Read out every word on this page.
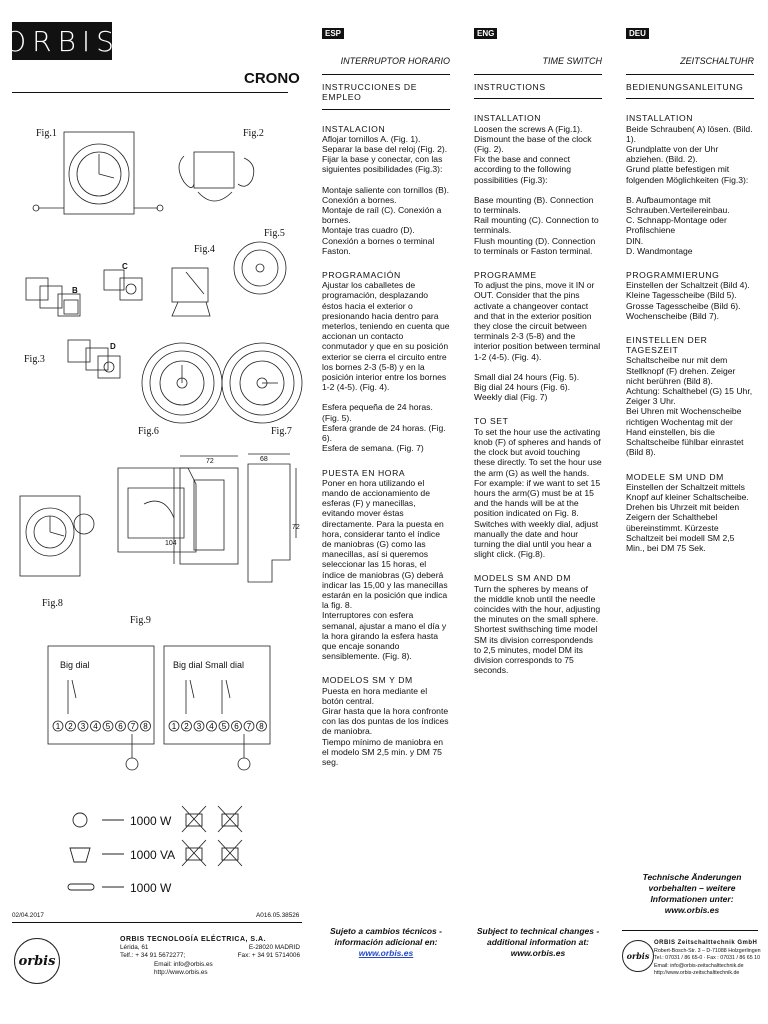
ORBIS
CRONO
ESP	ENG	DEU
INTERRUPTOR HORARIO
INSTRUCCIONES DE EMPLEO
INSTALACION

Aflojar tornillos A. (Fig. 1).
Separar la base del reloj (Fig. 2).
Fijar la base y conectar, con las siguientes posibilidades (Fig.3):

Montaje saliente con tornillos (B). Conexión a bornes.
Montaje de raíl (C). Conexión a bornes.
Montaje tras cuadro (D). Conexión a bornes o terminal Faston.

PROGRAMACIÓN

Ajustar los caballetes de programación, desplazando éstos hacia el exterior o presionando hacia dentro para meterlos, teniendo en cuenta que accionan un contacto conmutador y que en su posición exterior se cierra el circuito entre los bornes 2-3 (5-8) y en la posición interior entre los bornes 1-2 (4-5). (Fig. 4).

Esfera pequeña de 24 horas. (Fig. 5).
Esfera grande de 24 horas. (Fig. 6).
Esfera de semana. (Fig. 7)

PUESTA EN HORA

Poner en hora utilizando el mando de accionamiento de esferas (F) y manecillas, evitando mover éstas directamente. Para la puesta en hora, considerar tanto el índice de maniobras (G) como las manecillas, así si queremos seleccionar las 15 horas, el índice de maniobras (G) deberá indicar las 15,00 y las manecillas estarán en la posición que indica la fig. 8.
Interruptores con esfera semanal, ajustar a mano el día y la hora girando la esfera hasta que encaje sonando sensiblemente. (Fig. 8).

MODELOS SM Y DM

Puesta en hora mediante el botón central.
Girar hasta que la hora confronte con las dos puntas de los índices de maniobra.
Tiempo mínimo de maniobra en el modelo SM 2,5 min. y DM 75 seg.

TIME SWITCH
INSTRUCTIONS
INSTALLATION

Loosen the screws A (Fig.1).
Dismount the base of the clock (Fig. 2).
Fix the base and connect according to the following possibilities (Fig.3):

Base mounting (B). Connection to terminals.
Rail mounting (C). Connection to terminals.
Flush mounting (D). Connection to terminals or Faston terminal.

PROGRAMME

To adjust the pins, move it IN or OUT. Consider that the pins activate a changeover contact and that in the exterior position they close the circuit between terminals 2-3 (5-8) and the interior position between terminal 1-2 (4-5). (Fig. 4).

Small dial 24 hours (Fig. 5).
Big dial 24 hours (Fig. 6).
Weekly dial (Fig. 7)

TO SET

To set the hour use the activating knob (F) of spheres and hands of the clock but avoid touching these directly. To set the hour use the arm (G) as well the hands. For example: if we want to set 15 hours the arm(G) must be at 15 and the hands will be at the position indicated on Fig. 8.
Switches with weekly dial, adjust manually the date and hour turning the dial until you hear a slight click. (Fig.8).

MODELS SM AND DM

Turn the spheres by means of the middle knob until the needle coincides with the hour, adjusting the minutes on the small sphere.
Shortest swithsching time model SM its division correspondends to 2,5 minutes, model DM its division corresponds to 75 seconds.

ZEITSCHALTUHR
BEDIENUNGSANLEITUNG
INSTALLATION

Beide Schrauben( A) lösen. (Bild. 1).
Grundplatte von der Uhr abziehen. (Bild. 2).
Grund platte befestigen mit folgenden Möglichkeiten (Fig.3):

B. Aufbaumontage mit
Schrauben.Verteilereinbau.
C. Schnapp-Montage oder Profilschiene
DIN.
D. Wandmontage

PROGRAMMIERUNG

Einstellen der Schaltzeit (Bild 4).
Kleine Tagesscheibe (Bild 5).
Grosse Tagesscheibe (Bild 6).
Wochenscheibe (Bild 7).

EINSTELLEN DER TAGESZEIT

Schaltscheibe nur mit dem Stellknopf (F) drehen. Zeiger nicht berühren (Bild 8).
Achtung: Schalthebel (G) 15 Uhr, Zeiger 3 Uhr.
Bei Uhren mit Wochenscheibe richtigen Wochentag mit der Hand einstellen, bis die Schaltscheibe fühlbar einrastet (Bild 8).

MODELE SM UND DM

Einstellen der Schaltzeit mittels Knopf auf kleiner Schaltscheibe. Drehen bis Uhrzeit mit beiden Zeigern der Schalthebel übereinstimmt. Kürzeste Schaltzeit bei modell SM 2,5 Min., bei DM 75 Sek.

1 2 3 4 5 6 7 8	1 2 3 4 5 6 7 8
Fig.1	Fig.2
Fig.5
Fig.4
Fig.3
Fig.6	Fig.7
Fig.8
Fig.9
B
C
D
72	68
104
72
Big dial	Big dial Small dial
1000 W
1000 VA
1000 W
02/04.2017	A016.05.38526
orbis
ORBIS TECNOLOGÍA ELÉCTRICA, S.A.
Lérida, 61	E-28020 MADRID
Telf.: + 34 91 5672277;	Fax: + 34 91 5714006
Email: info@orbis.es
http://www.orbis.es
Sujeto a cambios técnicos - información adicional en: www.orbis.es
Subject to technical changes - additional information at: www.orbis.es
Technische Änderungen vorbehalten – weitere Informationen unter:
www.orbis.es
orbis
ORBIS Zeitschalttechnik GmbH
Robert-Bosch-Str. 3 – D-71088 Holzgerlingen
Tel.: 07031 / 86 65-0 · Fax : 07031 / 86 65 10
Email: info@orbis-zeitschalttechnik.de
http://www.orbis-zeitschalttechnik.de
